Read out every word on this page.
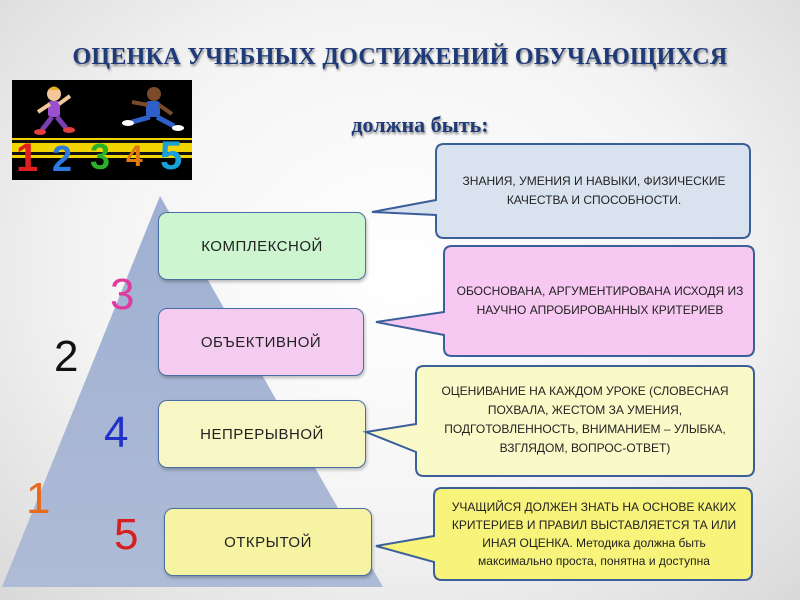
ОЦЕНКА УЧЕБНЫХ ДОСТИЖЕНИЙ ОБУЧАЮЩИХСЯ
должна быть:
1 2 3 4 5
3
2
4
1
5
КОМПЛЕКСНОЙ
ОБЪЕКТИВНОЙ
НЕПРЕРЫВНОЙ
ОТКРЫТОЙ
ЗНАНИЯ, УМЕНИЯ И НАВЫКИ, ФИЗИЧЕСКИЕ КАЧЕСТВА И СПОСОБНОСТИ.
ОБОСНОВАНА, АРГУМЕНТИРОВАНА ИСХОДЯ ИЗ НАУЧНО АПРОБИРОВАННЫХ КРИТЕРИЕВ
ОЦЕНИВАНИЕ НА КАЖДОМ УРОКЕ (СЛОВЕСНАЯ ПОХВАЛА, ЖЕСТОМ ЗА УМЕНИЯ, ПОДГОТОВЛЕННОСТЬ, ВНИМАНИЕМ – УЛЫБКА, ВЗГЛЯДОМ, ВОПРОС-ОТВЕТ)
УЧАЩИЙСЯ ДОЛЖЕН ЗНАТЬ НА ОСНОВЕ КАКИХ КРИТЕРИЕВ И ПРАВИЛ ВЫСТАВЛЯЕТСЯ ТА ИЛИ ИНАЯ ОЦЕНКА. Методика должна быть максимально проста, понятна и доступна
